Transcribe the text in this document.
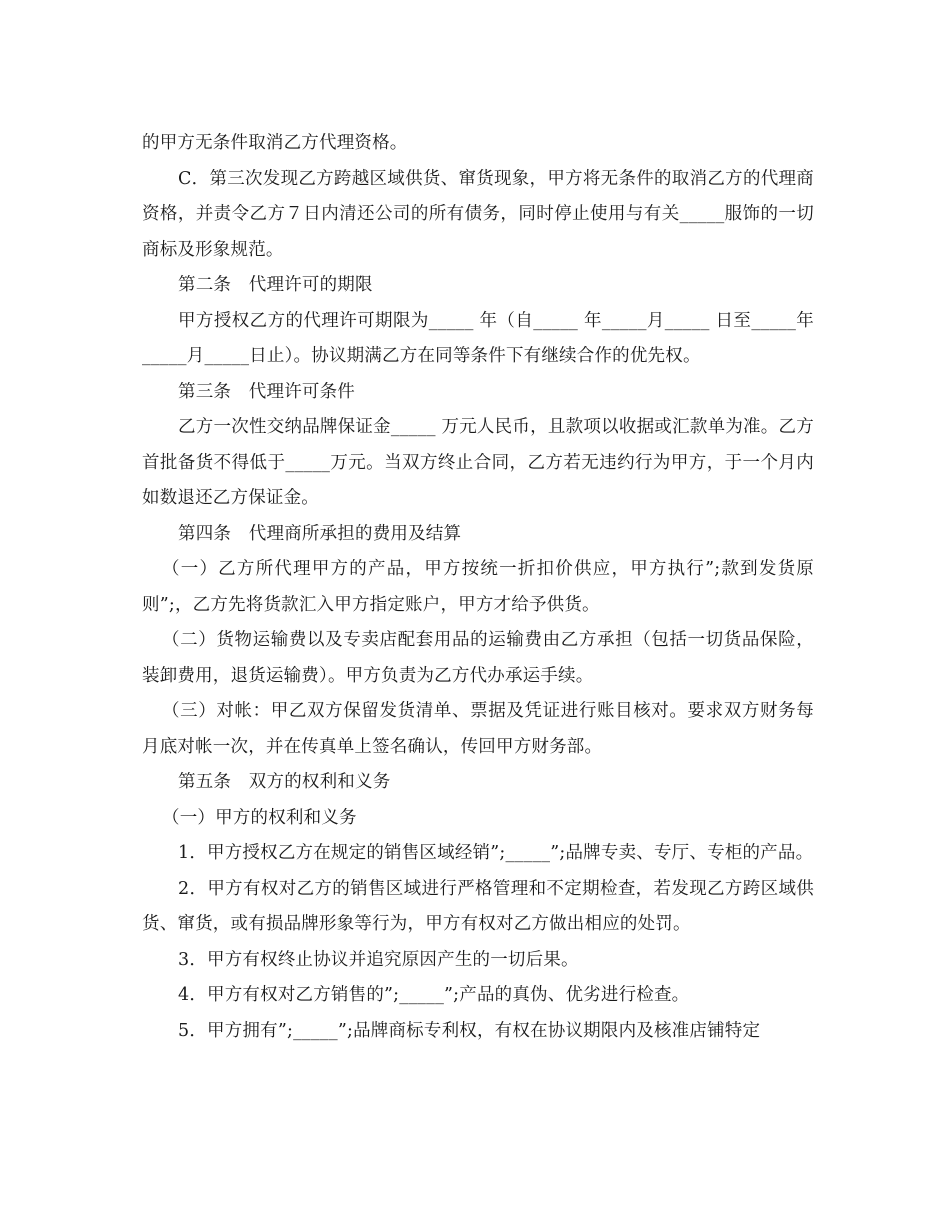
的甲方无条件取消乙方代理资格。

C．第三次发现乙方跨越区域供货、窜货现象，甲方将无条件的取消乙方的代理商资格，并责令乙方７日内清还公司的所有债务，同时停止使用与有关_____服饰的一切商标及形象规范。

第二条　代理许可的期限

甲方授权乙方的代理许可期限为_____ 年（自_____ 年_____月_____ 日至_____年_____月_____日止）。协议期满乙方在同等条件下有继续合作的优先权。

第三条　代理许可条件

乙方一次性交纳品牌保证金_____ 万元人民币，且款项以收据或汇款单为准。乙方首批备货不得低于_____万元。当双方终止合同，乙方若无违约行为甲方，于一个月内如数退还乙方保证金。

第四条　代理商所承担的费用及结算

（一）乙方所代理甲方的产品，甲方按统一折扣价供应，甲方执行”;款到发货原则”;，乙方先将货款汇入甲方指定账户，甲方才给予供货。

（二）货物运输费以及专卖店配套用品的运输费由乙方承担（包括一切货品保险，装卸费用，退货运输费）。甲方负责为乙方代办承运手续。

（三）对帐：甲乙双方保留发货清单、票据及凭证进行账目核对。要求双方财务每月底对帐一次，并在传真单上签名确认，传回甲方财务部。

第五条　双方的权利和义务

（一）甲方的权利和义务

1．甲方授权乙方在规定的销售区域经销”;_____”;品牌专卖、专厅、专柜的产品。

2．甲方有权对乙方的销售区域进行严格管理和不定期检查，若发现乙方跨区域供货、窜货，或有损品牌形象等行为，甲方有权对乙方做出相应的处罚。

3．甲方有权终止协议并追究原因产生的一切后果。

4．甲方有权对乙方销售的”;_____”;产品的真伪、优劣进行检查。

5．甲方拥有”;_____”;品牌商标专利权，有权在协议期限内及核准店铺特定
